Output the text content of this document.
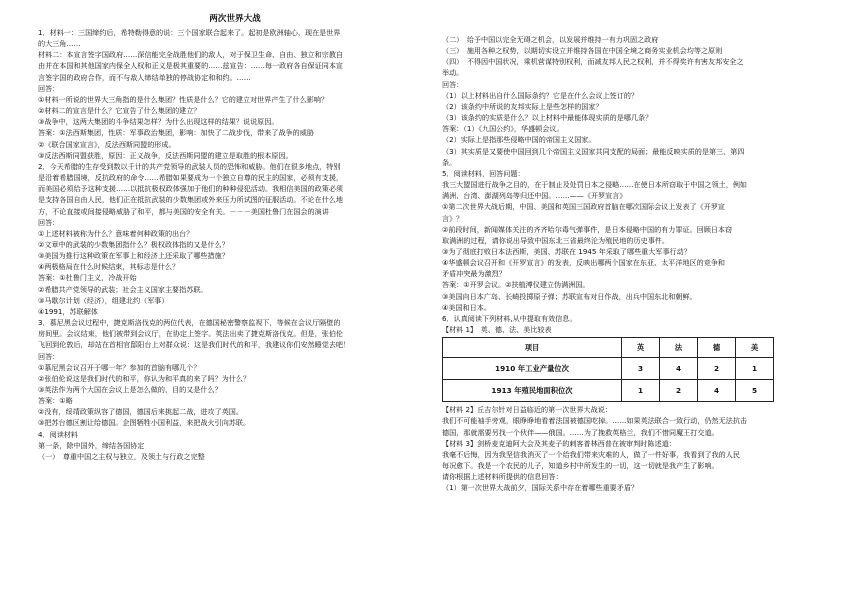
两次世界大战
1．材料一：三国缔约后，希特勒得意的说：三个国家联合起来了。起初是欧洲轴心，现在是世界
的大三角……
材料二：本宣言签字国政府……深信能完全战胜他们的敌人，对于保卫生命、自由、独立和宗教自
由并在本国和其他国家内保全人权和正义是极其重要的……兹宣告：……每一政府各自保证同本宣
言签字国的政府合作，而不与敌人缔结单独的停战协定和和约。……
回答：
①材料一所说的世界大三角指的是什么集团？性质是什么？它的建立对世界产生了什么影响？
②材料二的宣言是什么？它宣告了什么集团的建立？
③战争中，这两大集团的斗争结果怎样？为什么出现这样的结果？说说原因。
答案：①法西斯集团，性质：军事政治集团，影响：加快了二战步伐，带来了战争的威胁
②《联合国家宣言》，反法西斯同盟的形成。
③反法西斯同盟获胜，原因：正义战争，反法西斯同盟的建立是取胜的根本原因。
2．今天希腊的生存受到数以千计的共产党领导的武装人员的恐怖和威胁。他们在很多地点，特别
是沿着希腊国境，反抗政府的命令……希腊如果要成为一个独立自尊的民主的国家，必须有支援，
而美国必须给予这种支援……以抵抗极权政体强加于他们的种种侵犯活动。我相信美国的政策必须
是支持各国自由人民，他们正在抵抗武装的少数集团或外来压力所试图的征服活动。不论在什么地
方，不论直接或间接侵略威胁了和平，都与美国的安全有关。－－－美国杜鲁门在国会的演讲
回答：
①上述材料被称为什么？意味着何种政策的出台？
②文章中的武装的少数集团指什么？极权政体指的又是什么？
③美国为推行这种政策在军事上和经济上还采取了哪些措施？
④两极格局在什么时候结束，其标志是什么？
答案：①杜鲁门主义，冷战开始
②希腊共产党领导的武装；社会主义国家主要指苏联。
③马歇尔计划（经济），组建北约（军事）
④1991，苏联解体
3．慕尼黑会议过程中，捷克斯洛伐克的两位代表，在德国秘密警察监视下，等候在会议厅隔壁的
房间里。会议结束，他们被带到会议厅，在协定上签字。英法出卖了捷克斯洛伐克。但是，张伯伦
飞回到伦敦后，却站在首相官邸阳台上对群众说：这是我们时代的和平，我建议你们安然睡觉去吧！
回答：
①慕尼黑会议召开于哪一年？参加的首脑有哪几个？
②张伯伦说这是我们时代的和平，你认为和平真的来了吗？为什么？
③英法作为两个大国在会议上是怎么做的，目的又是什么？
答案：①略
②没有，绥靖政策纵容了德国，德国后来挑起二战，进攻了英国。
③把苏台德区割让给德国。企图牺牲小国利益，来把战火引向苏联。
4．阅读材料
第一条，除中国外，缔结各国协定
（一）　尊重中国之主权与独立，及领土与行政之完整
（二）　给予中国以完全无碍之机会，以发展并维持一有力巩固之政府
（三）　施用各种之权势，以期切实设立并维持各国在中国全境之商务实业机会均等之原则
（四）　不得因中国状况，乘机营谋特别权利，而减友邦人民之权利，并不得奖许有害友邦安全之
举动。
回答：
（1）以上材料出自什么国际条约？它是在什么会议上签订的？
（2）该条约中所说的友邦实际上是些怎样的国家？
（3）该条约的实质是什么？以上材料中最能体现实质的是哪几条？
答案：（1）《九国公约》，华盛顿会议。
（2）实际上是指那些侵略中国的帝国主义国家。
（3）其实质是又要使中国回到几个帝国主义国家共同支配的局面；最能反映实质的是第三、第四
条。
5．阅读材料，回答问题：
我三大盟国进行战争之目的，在于制止及处罚日本之侵略……在使日本所窃取于中国之领土，例如
满洲、台湾、澎湖列岛等归还中国。……——《开罗宣言》
①第二次世界大战后期，中国、美国和英国三国政府首脑在哪次国际会议上发表了《开罗宣
言》？
②前段时间，新闻媒体关注的齐齐哈尔毒气弹事件，是日本侵略中国的有力罪证。回顾日本窃
取满洲的过程，请你说出导致中国东北三省最终沦为殖民地的历史事件。
③为了彻底打败日本法西斯，美国、苏联在 1945 年采取了哪些重大军事行动？
④华盛顿会议召开和《开罗宣言》的发表，反映出哪两个国家在东亚、太平洋地区的竞争和
矛盾冲突最为激烈？
答案：①开罗会议。②扶植溥仪建立伪满洲国。
③美国向日本广岛、长崎投掷原子弹；苏联宣布对日作战，出兵中国东北和朝鲜。
④美国和日本。
6．认真阅读下列材料,从中提取有效信息。
【材料 1】　英、德、法、美比较表
项目	英	法	德	美
1910 年工业产量位次	3	4	2	1
1913 年殖民地面积位次	1	2	4	5
【材料 2】丘吉尔针对日益临近的第一次世界大战说：
我们不可能袖手旁观，眼睁睁地看着法国被德国吃掉。……如果英法联合一致行动，仍然无法抗击
德国，那就需要另找一个伙伴——俄国。……为了挽救英格兰，我们不惜同魔王打交道。
【材料 3】剑桥麦克迪阿大会及其麦子的刺客普林西普在被审判时陈述道：
我毫不后悔，因为我坚信我消灭了一个给我们带来灾难的人，做了一件好事，我看到了我的人民
每况愈下。我是一个农民的儿子，知道乡村中所发生的一切，这一切就是我产生了影响。
请你根据上述材料所提供的信息回答：
（1）第一次世界大战前夕，国际关系中存在着哪些重要矛盾？
